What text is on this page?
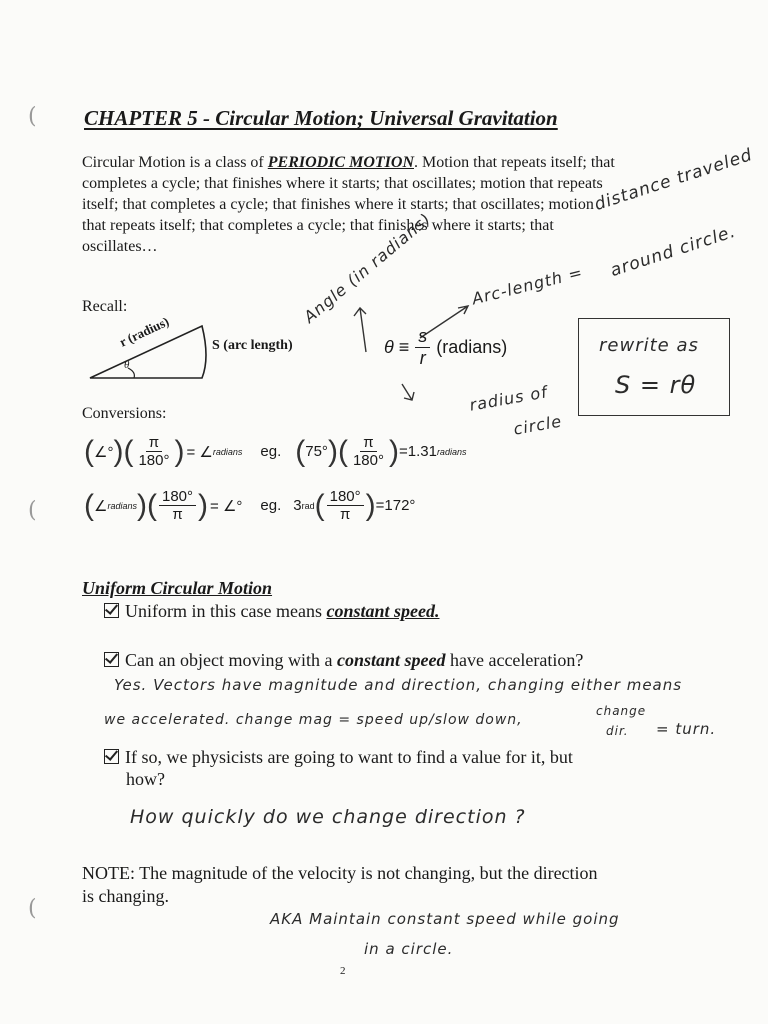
(
(
(
CHAPTER 5 - Circular Motion; Universal Gravitation
Circular Motion is a class of PERIODIC MOTION. Motion that repeats itself; that
completes a cycle; that finishes where it starts; that oscillates; motion that repeats
itself; that completes a cycle; that finishes where it starts; that oscillates; motion
that repeats itself; that completes a cycle; that finishes where it starts; that
oscillates…
distance traveled
around circle.
Arc-length =
Angle (in radians)
Recall:
r (radius)
θ
S (arc length)	$\theta \equiv \frac{s}{r}$ (radians)
radius of
circle
rewrite as
S = rθ
Conversions:
( ∠° ) ( $\frac{\pi}{180^\circ}$ ) = ∠ radians eg. ( 75° ) ( $\frac{\pi}{180^\circ}$ ) =1.31 radians
( ∠ radians ) ( $\frac{180^\circ}{\pi}$ ) = ∠° eg. 3 rad ( $\frac{180^\circ}{\pi}$ ) =172°
Uniform Circular Motion
Uniform in this case means constant speed.
Can an object moving with a constant speed have acceleration?
Yes. Vectors have magnitude and direction, changing either means
we accelerated. change mag = speed up/slow down,
change
dir. = turn.
If so, we physicists are going to want to find a value for it, but
how?
How quickly do we change direction ?
NOTE: The magnitude of the velocity is not changing, but the direction
is changing.
AKA Maintain constant speed while going
in a circle.
2
